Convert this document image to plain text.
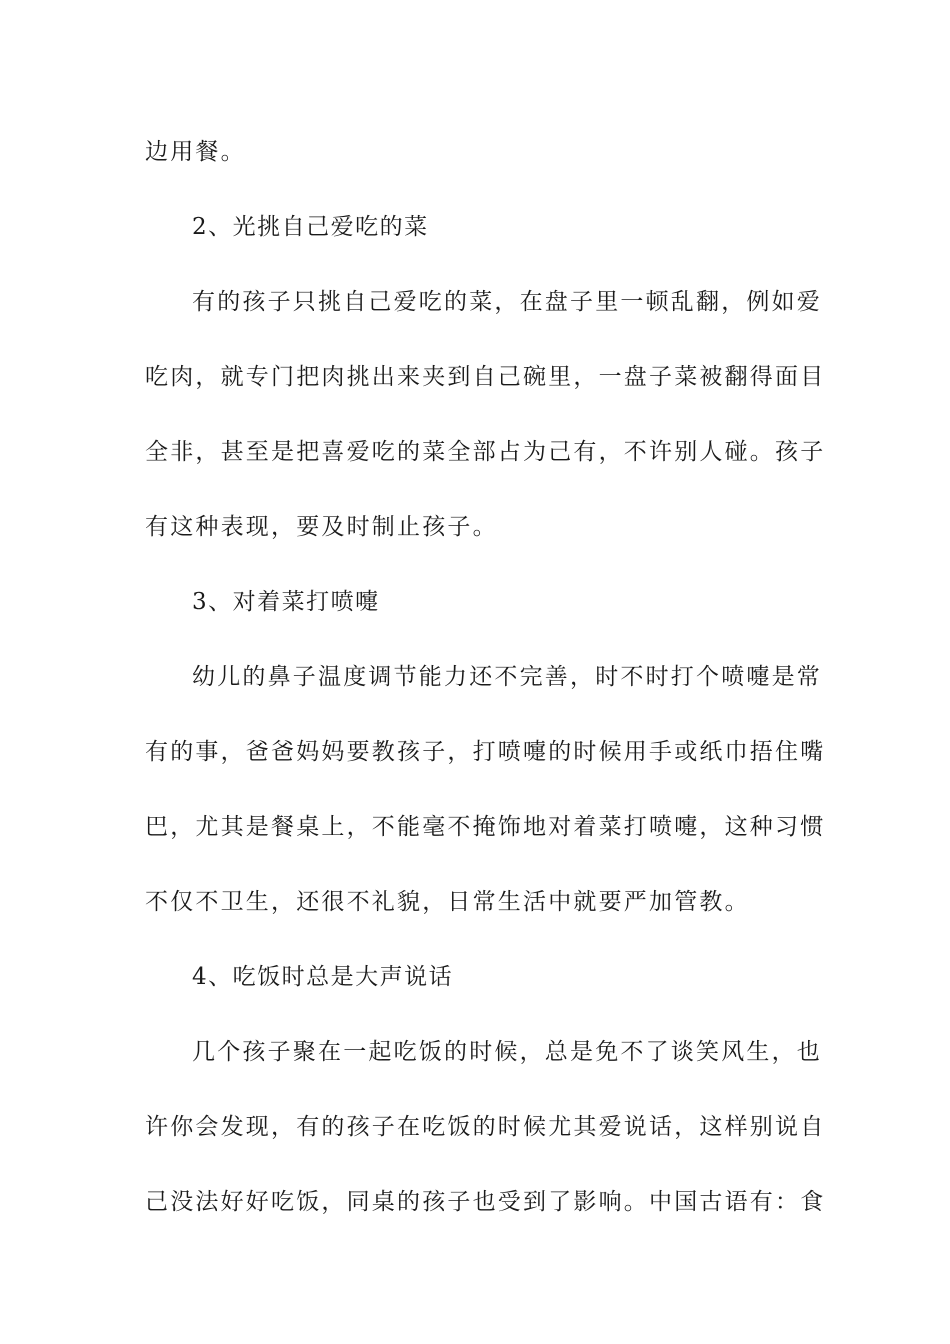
边用餐。
2、光挑自己爱吃的菜
有的孩子只挑自己爱吃的菜，在盘子里一顿乱翻，例如爱
吃肉，就专门把肉挑出来夹到自己碗里，一盘子菜被翻得面目
全非，甚至是把喜爱吃的菜全部占为己有，不许别人碰。孩子
有这种表现，要及时制止孩子。
3、对着菜打喷嚏
幼儿的鼻子温度调节能力还不完善，时不时打个喷嚏是常
有的事，爸爸妈妈要教孩子，打喷嚏的时候用手或纸巾捂住嘴
巴，尤其是餐桌上，不能毫不掩饰地对着菜打喷嚏，这种习惯
不仅不卫生，还很不礼貌，日常生活中就要严加管教。
4、吃饭时总是大声说话
几个孩子聚在一起吃饭的时候，总是免不了谈笑风生，也
许你会发现，有的孩子在吃饭的时候尤其爱说话，这样别说自
己没法好好吃饭，同桌的孩子也受到了影响。中国古语有：食
